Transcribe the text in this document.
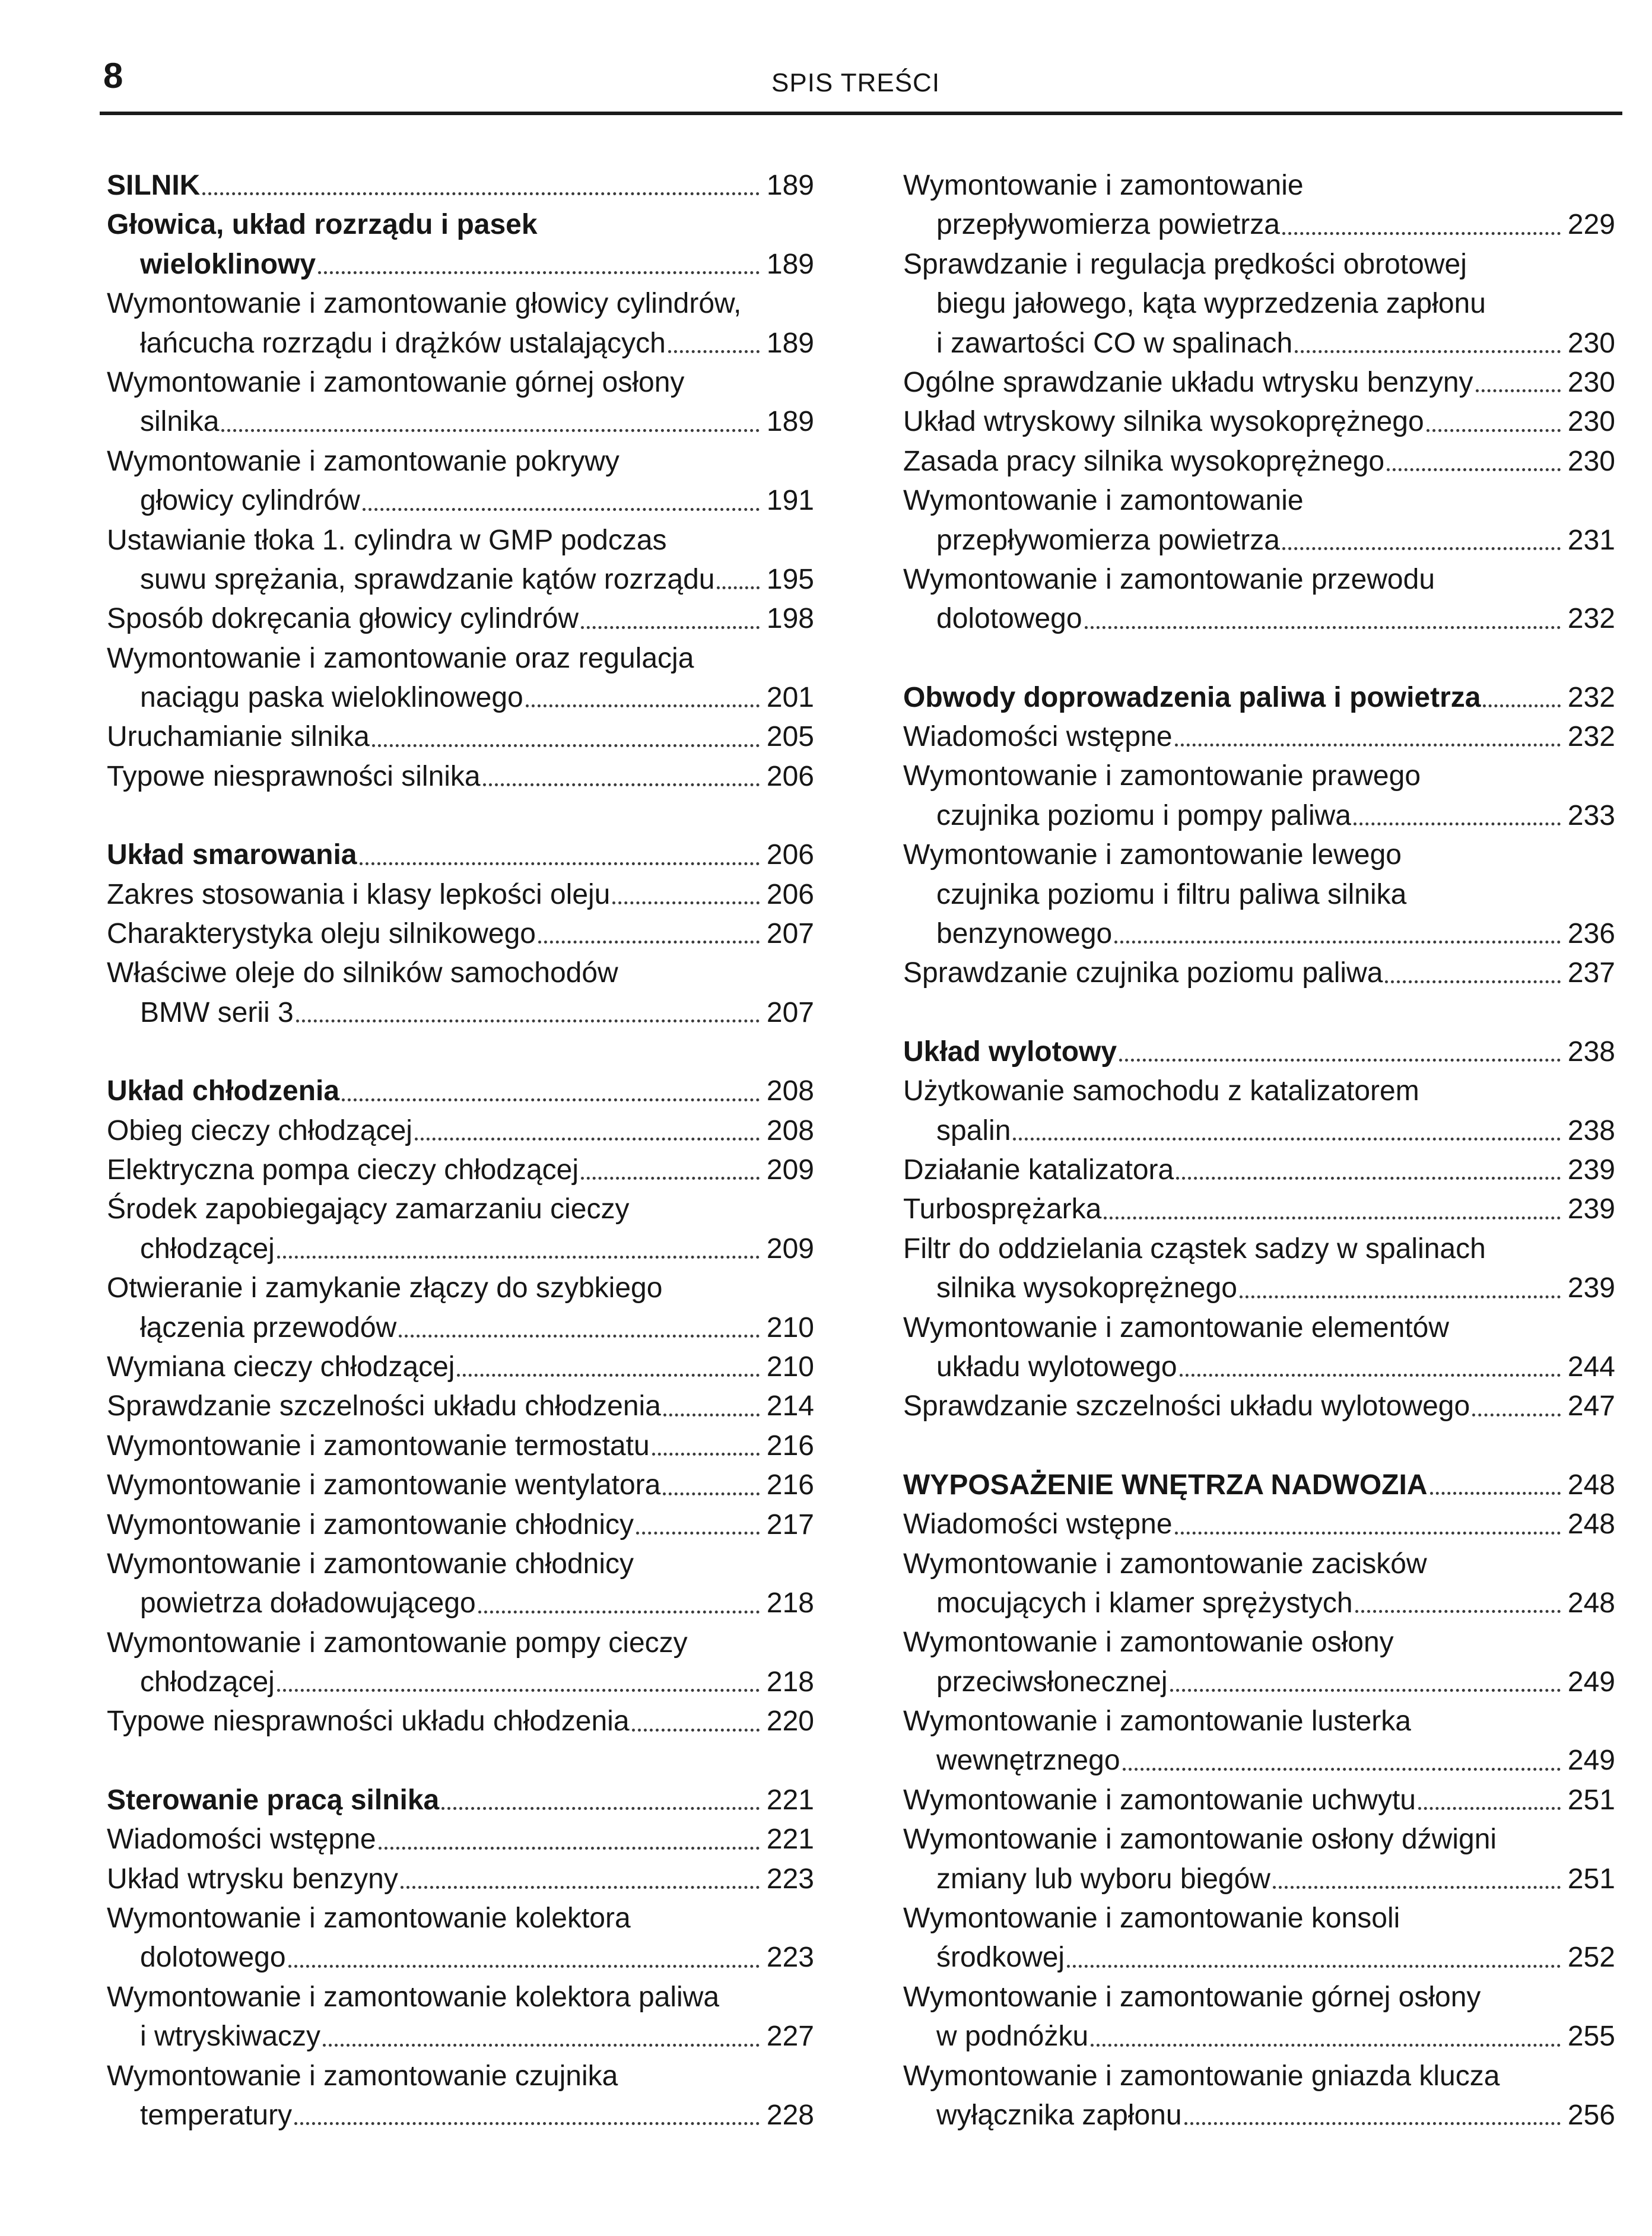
8	SPIS TREŚCI
SILNIK	189
Głowica, układ rozrządu i pasek
wieloklinowy	189
Wymontowanie i zamontowanie głowicy cylindrów,
łańcucha rozrządu i drążków ustalających	189
Wymontowanie i zamontowanie górnej osłony
silnika	189
Wymontowanie i zamontowanie pokrywy
głowicy cylindrów	191
Ustawianie tłoka 1. cylindra w GMP podczas
suwu sprężania, sprawdzanie kątów rozrządu 195
Sposób dokręcania głowicy cylindrów	198
Wymontowanie i zamontowanie oraz regulacja
naciągu paska wieloklinowego	201
Uruchamianie silnika	205
Typowe niesprawności silnika	206
Układ smarowania	206
Zakres stosowania i klasy lepkości oleju	206
Charakterystyka oleju silnikowego	207
Właściwe oleje do silników samochodów
BMW serii 3	207
Układ chłodzenia	208
Obieg cieczy chłodzącej	208
Elektryczna pompa cieczy chłodzącej	209
Środek zapobiegający zamarzaniu cieczy
chłodzącej	209
Otwieranie i zamykanie złączy do szybkiego
łączenia przewodów	210
Wymiana cieczy chłodzącej	210
Sprawdzanie szczelności układu chłodzenia	214
Wymontowanie i zamontowanie termostatu	216
Wymontowanie i zamontowanie wentylatora	216
Wymontowanie i zamontowanie chłodnicy	217
Wymontowanie i zamontowanie chłodnicy
powietrza doładowującego	218
Wymontowanie i zamontowanie pompy cieczy
chłodzącej	218
Typowe niesprawności układu chłodzenia	220
Sterowanie pracą silnika	221
Wiadomości wstępne	221
Układ wtrysku benzyny	223
Wymontowanie i zamontowanie kolektora
dolotowego	223
Wymontowanie i zamontowanie kolektora paliwa
i wtryskiwaczy	227
Wymontowanie i zamontowanie czujnika
temperatury	228
Wymontowanie i zamontowanie
przepływomierza powietrza	229
Sprawdzanie i regulacja prędkości obrotowej
biegu jałowego, kąta wyprzedzenia zapłonu
i zawartości CO w spalinach	230
Ogólne sprawdzanie układu wtrysku benzyny	230
Układ wtryskowy silnika wysokoprężnego	230
Zasada pracy silnika wysokoprężnego	230
Wymontowanie i zamontowanie
przepływomierza powietrza	231
Wymontowanie i zamontowanie przewodu
dolotowego	232
Obwody doprowadzenia paliwa i powietrza	232
Wiadomości wstępne	232
Wymontowanie i zamontowanie prawego
czujnika poziomu i pompy paliwa	233
Wymontowanie i zamontowanie lewego
czujnika poziomu i filtru paliwa silnika
benzynowego	236
Sprawdzanie czujnika poziomu paliwa	237
Układ wylotowy	238
Użytkowanie samochodu z katalizatorem
spalin	238
Działanie katalizatora	239
Turbosprężarka	239
Filtr do oddzielania cząstek sadzy w spalinach
silnika wysokoprężnego	239
Wymontowanie i zamontowanie elementów
układu wylotowego	244
Sprawdzanie szczelności układu wylotowego	247
WYPOSAŻENIE WNĘTRZA NADWOZIA	248
Wiadomości wstępne	248
Wymontowanie i zamontowanie zacisków
mocujących i klamer sprężystych	248
Wymontowanie i zamontowanie osłony
przeciwsłonecznej	249
Wymontowanie i zamontowanie lusterka
wewnętrznego	249
Wymontowanie i zamontowanie uchwytu	251
Wymontowanie i zamontowanie osłony dźwigni
zmiany lub wyboru biegów	251
Wymontowanie i zamontowanie konsoli
środkowej	252
Wymontowanie i zamontowanie górnej osłony
w podnóżku	255
Wymontowanie i zamontowanie gniazda klucza
wyłącznika zapłonu	256
